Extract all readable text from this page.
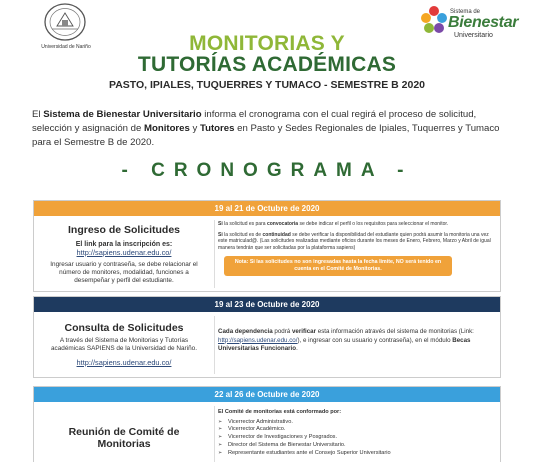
Universidad de Nariño
Sistema de
Bienestar
Universitario
MONITORIAS Y
TUTORÍAS ACADÉMICAS
PASTO, IPIALES, TUQUERRES Y TUMACO - SEMESTRE B 2020

El Sistema de Bienestar Universitario informa el cronograma con el cual regirá el proceso de solicitud, selección y asignación de Monitores y Tutores en Pasto y Sedes Regionales de Ipiales, Tuquerres y Tumaco para el Semestre B de 2020.

- CRONOGRAMA -
19 al 21 de Octubre de 2020
Ingreso de Solicitudes
El link para la inscripción es:
http://sapiens.udenar.edu.co/
Ingresar usuario y contraseña, se debe relacionar el número de monitores, modalidad, funciones a desempeñar y perfil del estudiante.
Si la solicitud es para convocatoria se debe indicar el perfil o los requisitos para seleccionar el monitor.
Si la solicitud es de continuidad se debe verificar la disponibilidad del estudiante quien podrá asumir la monitoria una vez este matriculad@. (Las solicitudes realizadas mediante oficios durante los meses de Enero, Febrero, Marzo y Abril de igual manera tendrán que ser solicitadas por la plataforma sapiens)
Nota: Si las solicitudes no son ingresadas hasta la fecha limite, NO será tenido en cuenta en el Comité de Monitorias.
19 al 23 de Octubre de 2020
Consulta de Solicitudes
A través del Sistema de Monitorias y Tutorías académicas SAPIENS de la Universidad de Nariño.
http://sapiens.udenar.edu.co/
Cada dependencia podrá verificar esta información através del sistema de monitorias (Link: http://sapiens.udenar.edu.co/), e ingresar con su usuario y contraseña), en el módulo Becas Universitarias Funcionario.
22 al 26 de Octubre de 2020
Reunión de Comité de Monitorias
El Comité de monitorias está conformado por:
➢ Vicerrector Administrativo.
➢ Vicerrector Académico.
➢ Vicerrector de Investigaciones y Posgrados.
➢ Director del Sistema de Bienestar Universitario.
➢ Representante estudiantes ante el Consejo Superior Universitario
